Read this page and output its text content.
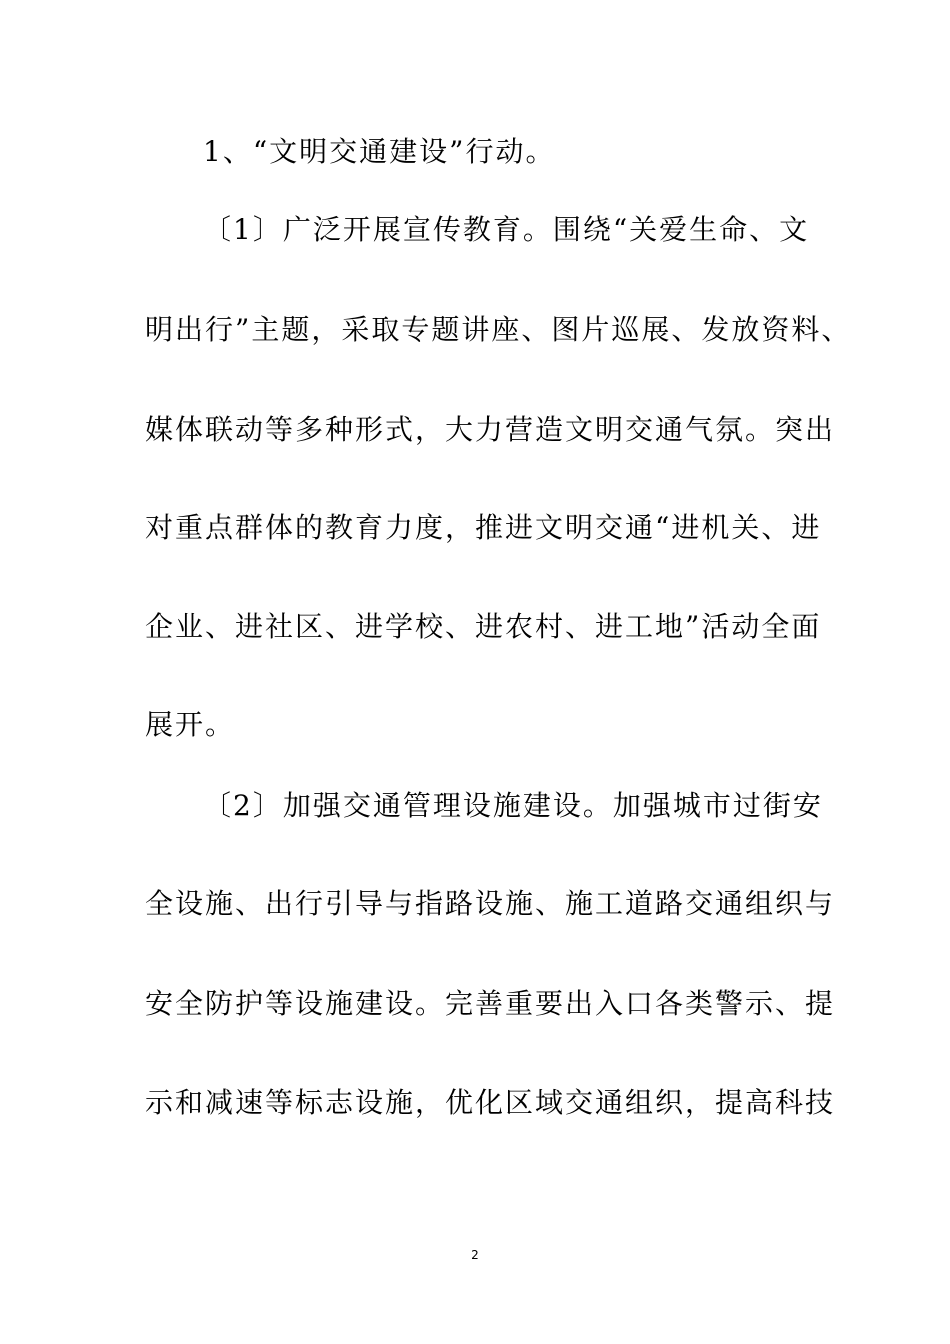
1、“文明交通建设”行动。
〔1〕广泛开展宣传教育。围绕“关爱生命、文
明出行”主题，采取专题讲座、图片巡展、发放资料、
媒体联动等多种形式，大力营造文明交通气氛。突出
对重点群体的教育力度，推进文明交通“进机关、进
企业、进社区、进学校、进农村、进工地”活动全面
展开。
〔2〕加强交通管理设施建设。加强城市过街安
全设施、出行引导与指路设施、施工道路交通组织与
安全防护等设施建设。完善重要出入口各类警示、提
示和减速等标志设施，优化区域交通组织，提高科技
2
